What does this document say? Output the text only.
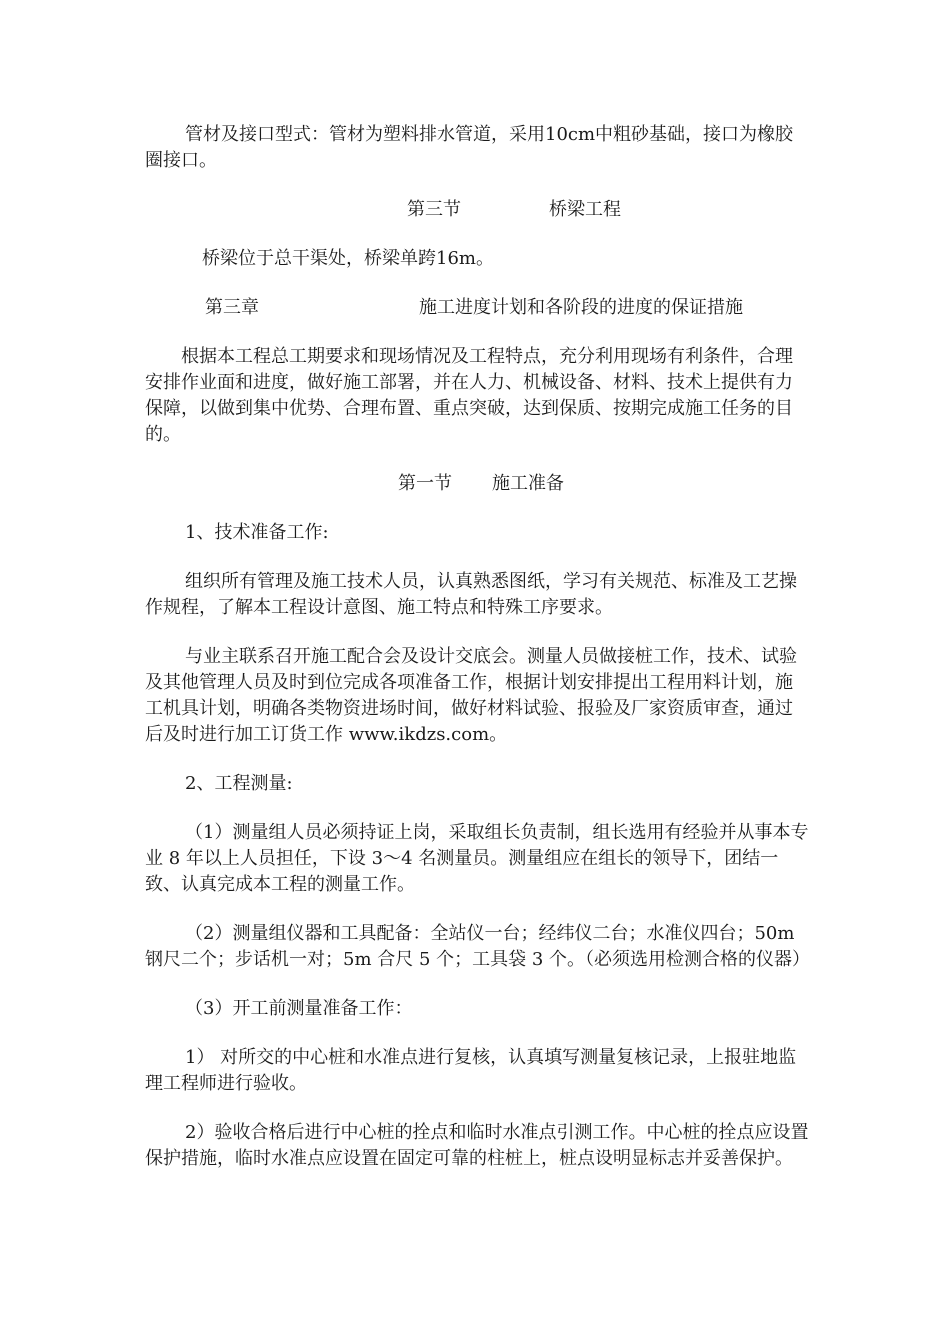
管材及接口型式：管材为塑料排水管道，采用10cm中粗砂基础，接口为橡胶圈接口。

第三节	桥梁工程

桥梁位于总干渠处，桥梁单跨16m。

第三章	施工进度计划和各阶段的进度的保证措施

根据本工程总工期要求和现场情况及工程特点，充分利用现场有利条件，合理安排作业面和进度，做好施工部署，并在人力、机械设备、材料、技术上提供有力保障，以做到集中优势、合理布置、重点突破，达到保质、按期完成施工任务的目的。

第一节 施工准备

1、技术准备工作:

组织所有管理及施工技术人员，认真熟悉图纸，学习有关规范、标准及工艺操作规程，了解本工程设计意图、施工特点和特殊工序要求。

与业主联系召开施工配合会及设计交底会。测量人员做接桩工作，技术、试验及其他管理人员及时到位完成各项准备工作，根据计划安排提出工程用料计划，施工机具计划，明确各类物资进场时间，做好材料试验、报验及厂家资质审查，通过后及时进行加工订货工作 www.ikdzs.com。

2、工程测量:

（1）测量组人员必须持证上岗，采取组长负责制，组长选用有经验并从事本专业 8 年以上人员担任，下设 3～4 名测量员。测量组应在组长的领导下，团结一致、认真完成本工程的测量工作。

（2）测量组仪器和工具配备：全站仪一台；经纬仪二台；水准仪四台；50m 钢尺二个；步话机一对；5m 合尺 5 个；工具袋 3 个。（必须选用检测合格的仪器）

（3）开工前测量准备工作：

1） 对所交的中心桩和水准点进行复核，认真填写测量复核记录，上报驻地监理工程师进行验收。

2）验收合格后进行中心桩的拴点和临时水准点引测工作。中心桩的拴点应设置保护措施，临时水准点应设置在固定可靠的柱桩上，桩点设明显标志并妥善保护。
